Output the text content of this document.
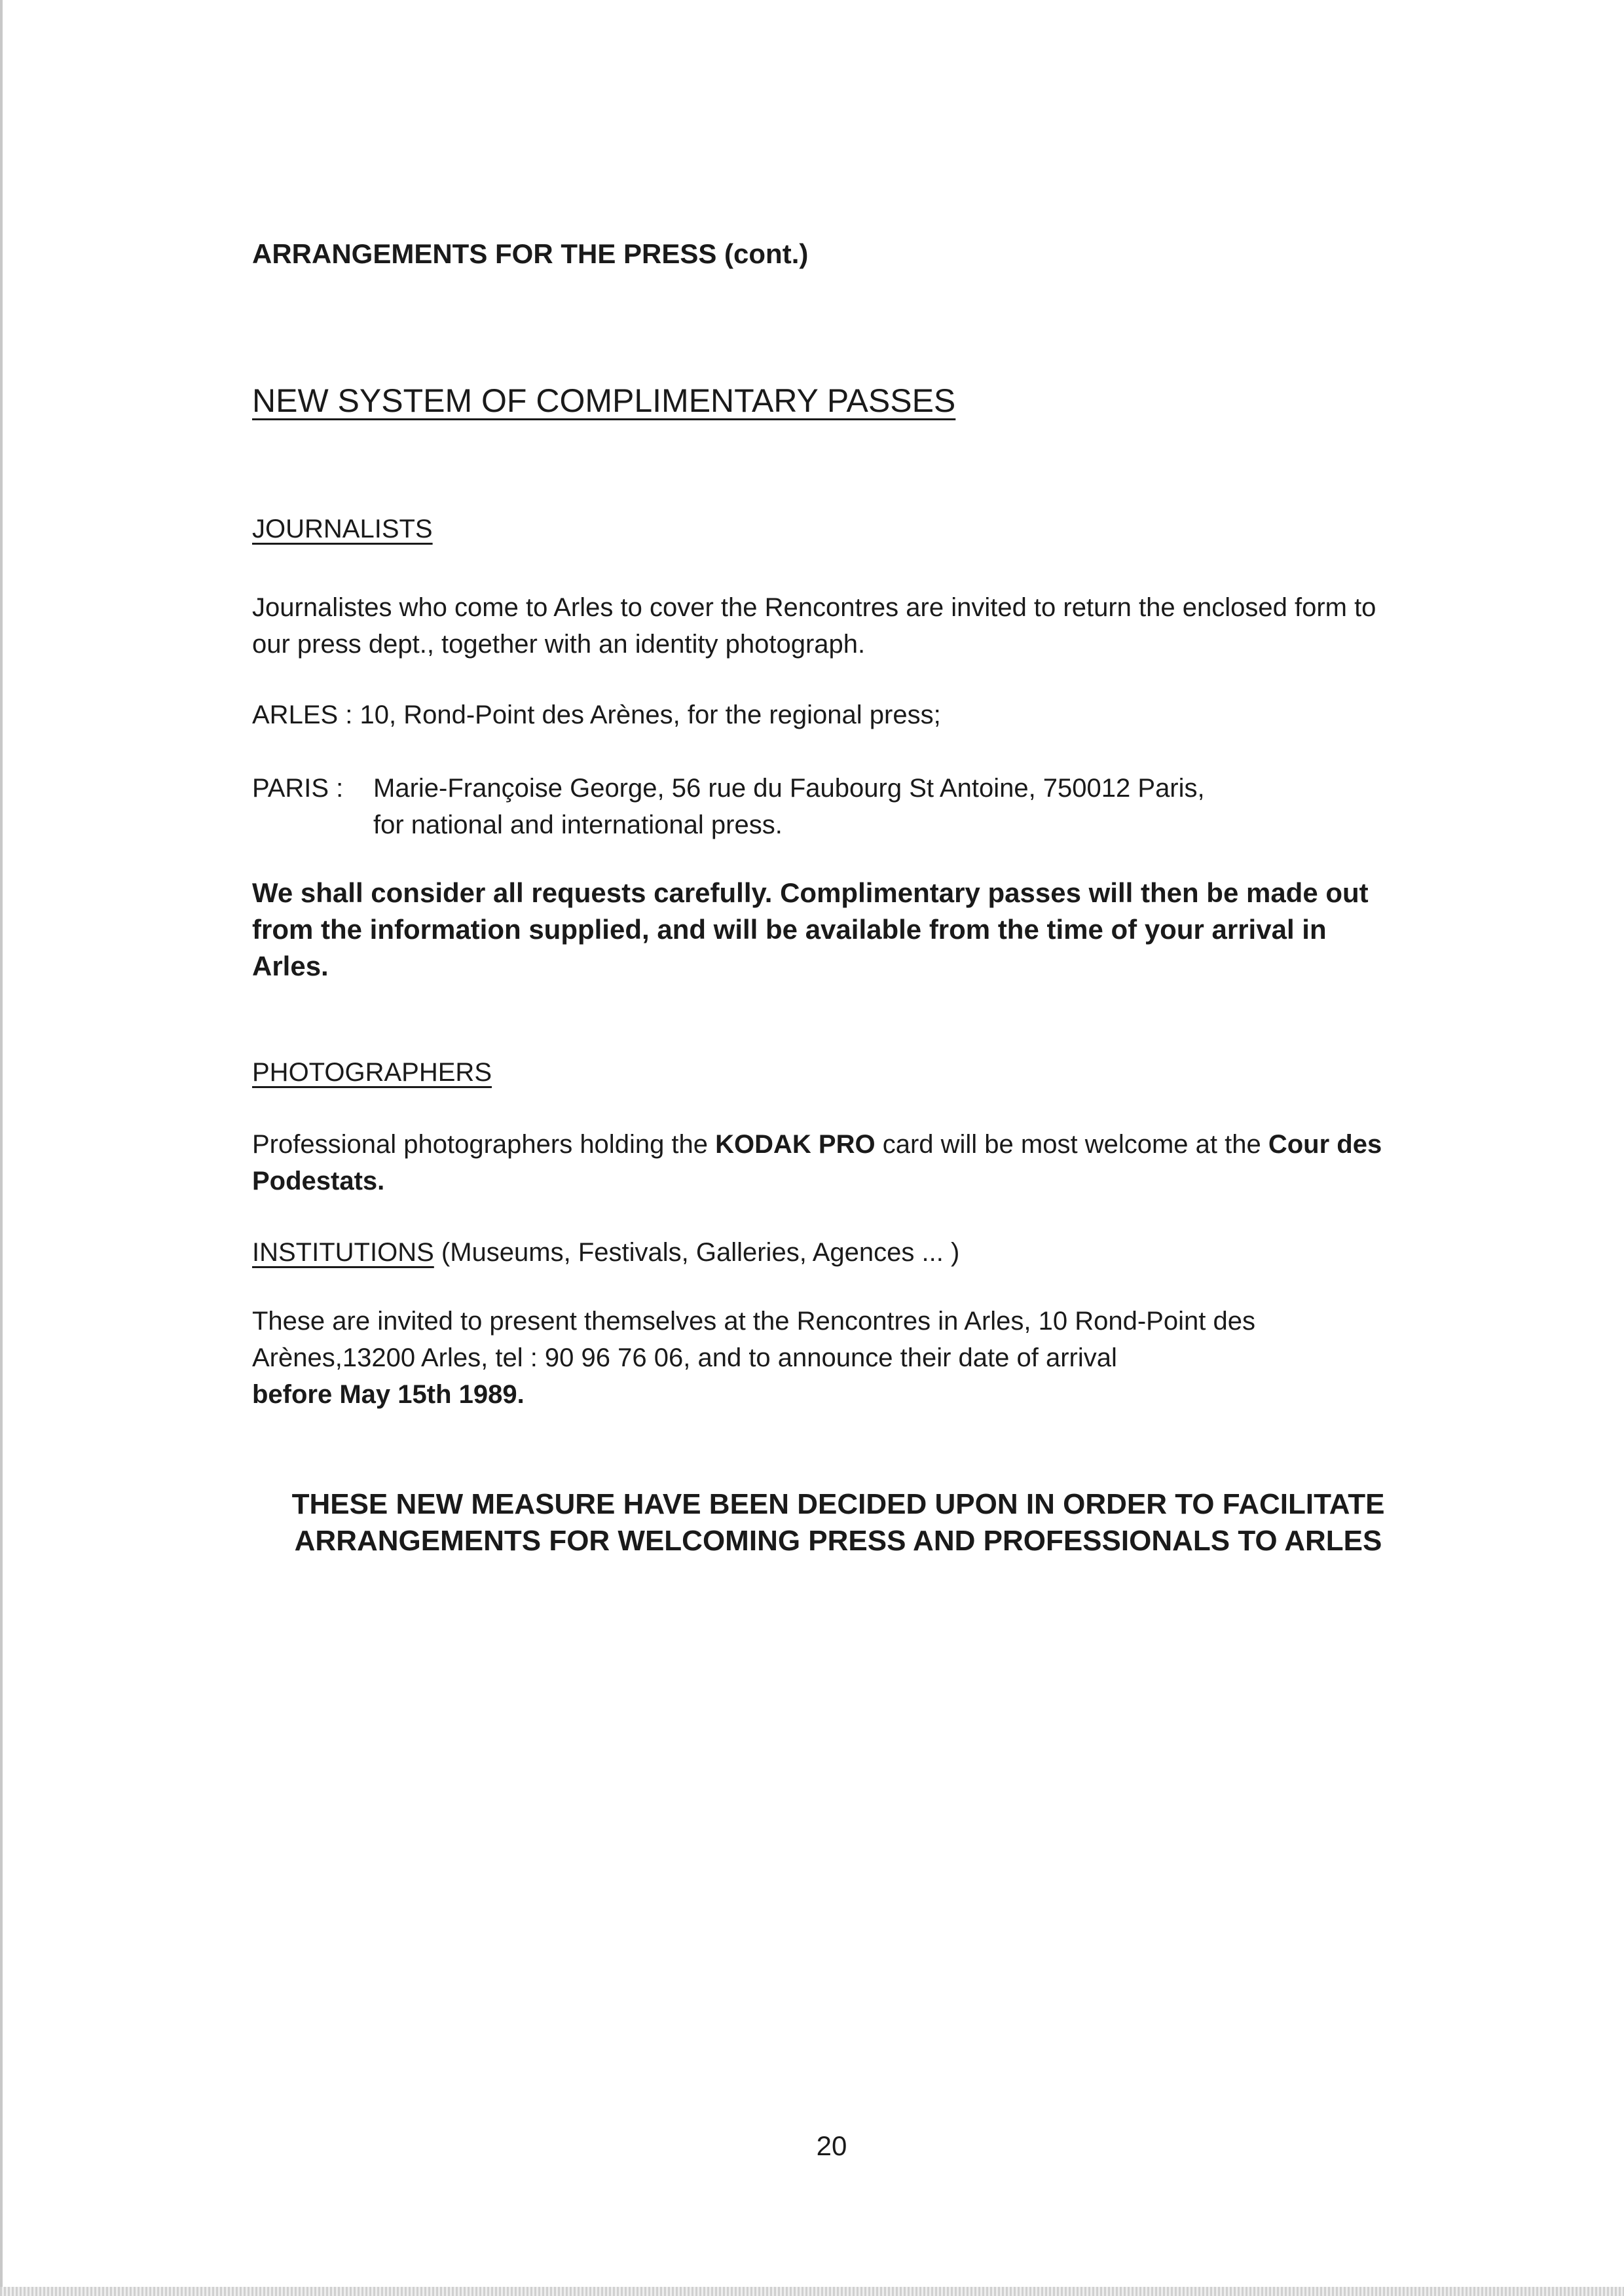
ARRANGEMENTS FOR THE PRESS (cont.)
NEW SYSTEM OF COMPLIMENTARY PASSES

JOURNALISTS

Journalistes who come to Arles to cover the Rencontres are invited to return the enclosed form to our press dept., together with an identity photograph.

ARLES : 10, Rond-Point des Arènes, for the regional press;

PARIS : Marie-Françoise George, 56 rue du Faubourg St Antoine, 750012 Paris,
for national and international press.

We shall consider all requests carefully. Complimentary passes will then be made out from the information supplied, and will be available from the time of your arrival in Arles.

PHOTOGRAPHERS

Professional photographers holding the KODAK PRO card will be most welcome at the Cour des Podestats.

INSTITUTIONS (Museums, Festivals, Galleries, Agences ... )

These are invited to present themselves at the Rencontres in Arles, 10 Rond-Point des Arènes,13200 Arles, tel : 90 96 76 06, and to announce their date of arrival
before May 15th 1989.

THESE NEW MEASURE HAVE BEEN DECIDED UPON IN ORDER TO FACILITATE
ARRANGEMENTS FOR WELCOMING PRESS AND PROFESSIONALS TO ARLES
20
